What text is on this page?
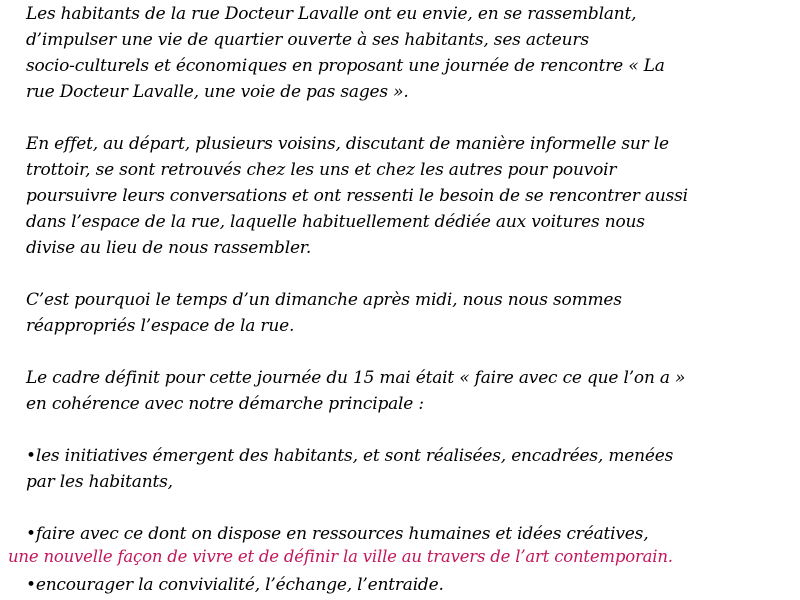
Les habitants de la rue Docteur Lavalle ont eu envie, en se rassemblant,
d’impulser une vie de quartier ouverte à ses habitants, ses acteurs
socio-culturels et économiques en proposant une journée de rencontre « La
rue Docteur Lavalle, une voie de pas sages ».
En effet, au départ, plusieurs voisins, discutant de manière informelle sur le
trottoir, se sont retrouvés chez les uns et chez les autres pour pouvoir
poursuivre leurs conversations et ont ressenti le besoin de se rencontrer aussi
dans l’espace de la rue, laquelle habituellement dédiée aux voitures nous
divise au lieu de nous rassembler.
C’est pourquoi le temps d’un dimanche après midi, nous nous sommes
réappropriés l’espace de la rue.
Le cadre définit pour cette journée du 15 mai était « faire avec ce que l’on a »
en cohérence avec notre démarche principale :
•les initiatives émergent des habitants, et sont réalisées, encadrées, menées
par les habitants,
•faire avec ce dont on dispose en ressources humaines et idées créatives,
une nouvelle façon de vivre et de définir la ville au travers de l’art contemporain.
•encourager la convivialité, l’échange, l’entraide.
